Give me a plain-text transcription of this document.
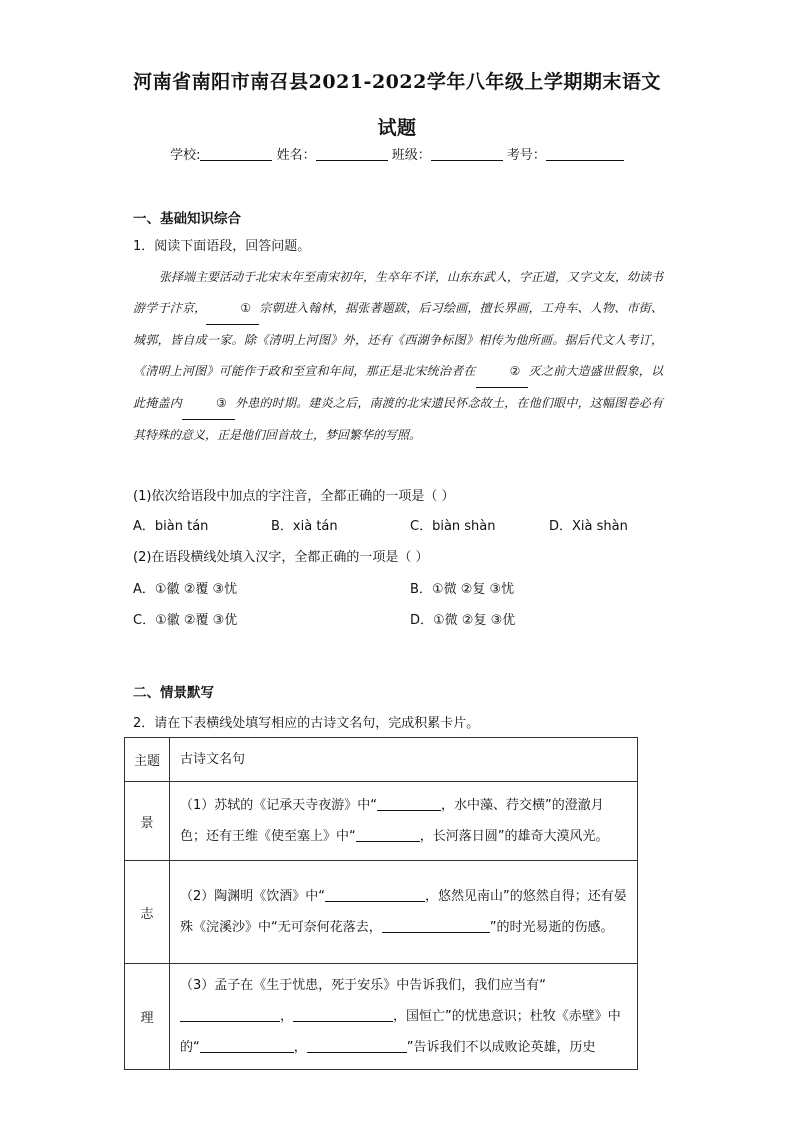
河南省南阳市南召县2021-2022学年八年级上学期期末语文
试题
学校:	姓名：	班级：	考号：
一、基础知识综合
1．阅读下面语段，回答问题。

张择端主要活动于北宋末年至南宋初年，生卒年不详，山东东武人，字正道，又字文友，幼读书游学于汴京，	① 宗朝进入翰林，据张著题跋，后习绘画，擅长界画，工舟车、人物、市街、城郭，皆自成一家。除《清明上河图》外，还有《西湖争标图》相传为他所画。据后代文人考订，《清明上河图》可能作于政和至宣和年间，那正是北宋统治者在	② 灭之前大造盛世假象，以此掩盖内	③ 外患的时期。建炎之后，南渡的北宋遗民怀念故土，在他们眼中，这幅图卷必有其特殊的意义，正是他们回首故土，梦回繁华的写照。

(1)依次给语段中加点的字注音，全都正确的一项是（ ）
A．biàn tán	B．xià tán	C．biàn shàn	D．Xià shàn
(2)在语段横线处填入汉字，全都正确的一项是（ ）
A．①徽 ②覆 ③忧	B．①微 ②复 ③忧
C．①徽 ②覆 ③优	D．①微 ②复 ③优
二、情景默写
2．请在下表横线处填写相应的古诗文名句，完成积累卡片。
主题	古诗文名句
景	（1）苏轼的《记承天寺夜游》中“ ，水中藻、荇交横”的澄澈月色；还有王维《使至塞上》中“ ，长河落日圆”的雄奇大漠风光。
志	（2）陶渊明《饮酒》中“ ，悠然见南山”的悠然自得；还有晏殊《浣溪沙》中“无可奈何花落去， ”的时光易逝的伤感。
理	（3）孟子在《生于忧患，死于安乐》中告诉我们，我们应当有“， ，国恒亡”的忧患意识；杜牧《赤壁》中的“ ， ”告诉我们不以成败论英雄，历史
